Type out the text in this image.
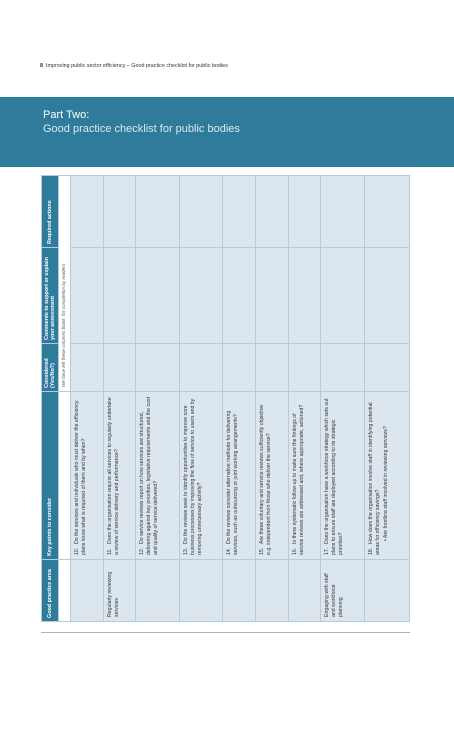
8 Improving public sector efficiency – Good practice checklist for public bodies
Part Two:
Good practice checklist for public bodies
Good practice area	Key points to consider	Considered (Yes/No?)	Comments to support or explain your assessment	Required actions
		We have left these columns blank, for completion by readers		
	10.Do the services and individuals who must deliver the efficiency plans know what is required of them and by when?			
Regularly reviewing services	11.Does the organisation require all services to regularly undertake a review of service delivery and performance?			
	12.Do service reviews report on how services are structured, delivering against key priorities, legislative requirements and the cost and quality of service delivered?			
	13.Do the reviews seek to identify opportunities to improve core business processes by improving the flow of service to users and by removing unnecessary activity?			
	14.Do the reviews consider alternative methods for delivering services, such as outsourcing or joint working arrangements?			
	15.Are these voluntary and service reviews sufficiently objective e.g. independent from those who deliver the service?			
	16.Is there systematic follow-up to make sure the findings of service reviews are addressed and, where appropriate, actioned?			
Engaging with staff and workforce planning	17.Does the organisation have a workforce strategy which sets out plans to ensure staff are deployed according to its strategic priorities?			
	18.How does the organisation involve staff in identifying potential areas for efficiency savings? • Are frontline staff involved in reviewing services?			
